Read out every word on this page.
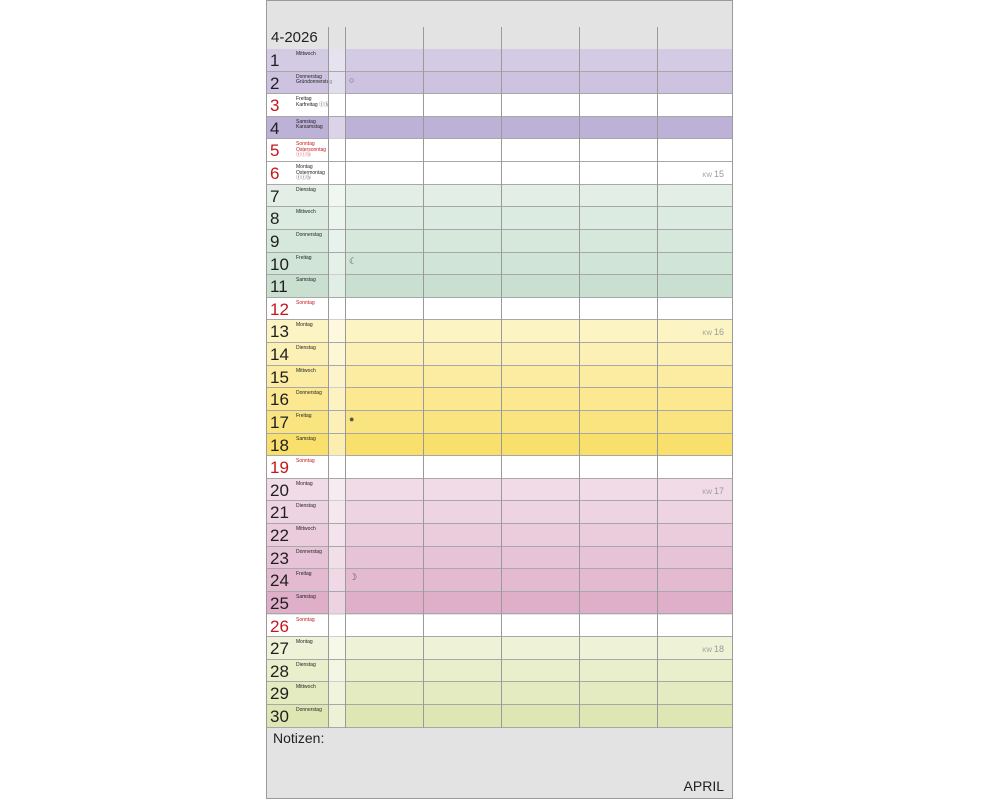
4-2026
1	Mittwoch
2	Donnerstag
Gründonnerstag ○
3	Freitag
Karfreitag ⓕⓗ
4	Samstag
Karsamstag
5	Sonntag
Ostersonntag
ⓕⓘⓗ
6	Montag
Ostermontag
ⓕⓘⓗ	KW 15
7	Dienstag
8	Mittwoch
9	Donnerstag
10 Freitag	☾
11 Samstag
12 Sonntag
13 Montag
KW 16
14 Dienstag
15 Mittwoch
16 Donnerstag
17 Freitag	●
18 Samstag
19 Sonntag
20 Montag
KW 17
21 Dienstag
22 Mittwoch
23 Donnerstag
24 Freitag	☽
25 Samstag
26 Sonntag
27 Montag
KW 18
28 Dienstag
29 Mittwoch
30 Donnerstag
Notizen:
APRIL
